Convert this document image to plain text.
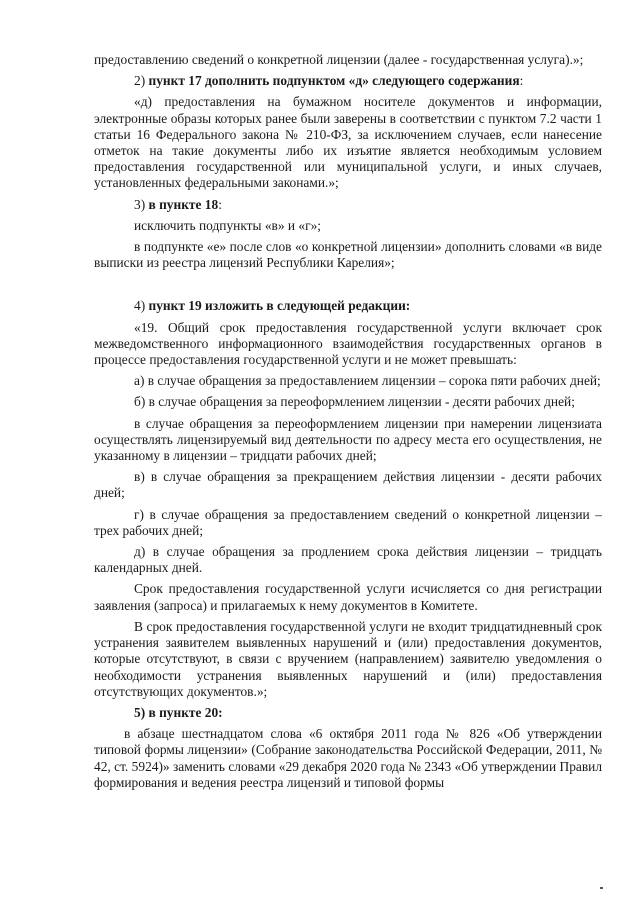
предоставлению сведений о конкретной лицензии (далее - государственная услуга).»;

2) пункт 17 дополнить подпунктом «д» следующего содержания:

«д) предоставления на бумажном носителе документов и информации, электронные образы которых ранее были заверены в соответствии с пунктом 7.2 части 1 статьи 16 Федерального закона № 210-ФЗ, за исключением случаев, если нанесение отметок на такие документы либо их изъятие является необходимым условием предоставления государственной или муниципальной услуги, и иных случаев, установленных федеральными законами.»;

3) в пункте 18:

исключить подпункты «в» и «г»;

в подпункте «е» после слов «о конкретной лицензии» дополнить словами «в виде выписки из реестра лицензий Республики Карелия»;

4) пункт 19 изложить в следующей редакции:

«19. Общий срок предоставления государственной услуги включает срок межведомственного информационного взаимодействия государственных органов в процессе предоставления государственной услуги и не может превышать:

а) в случае обращения за предоставлением лицензии – сорока пяти рабочих дней;

б) в случае обращения за переоформлением лицензии - десяти рабочих дней;

в случае обращения за переоформлением лицензии при намерении лицензиата осуществлять лицензируемый вид деятельности по адресу места его осуществления, не указанному в лицензии – тридцати рабочих дней;

в) в случае обращения за прекращением действия лицензии - десяти рабочих дней;

г) в случае обращения за предоставлением сведений о конкретной лицензии – трех рабочих дней;

д) в случае обращения за продлением срока действия лицензии – тридцать календарных дней.

Срок предоставления государственной услуги исчисляется со дня регистрации заявления (запроса) и прилагаемых к нему документов в Комитете.

В срок предоставления государственной услуги не входит тридцатидневный срок устранения заявителем выявленных нарушений и (или) предоставления документов, которые отсутствуют, в связи с вручением (направлением) заявителю уведомления о необходимости устранения выявленных нарушений и (или) предоставления отсутствующих документов.»;

5) в пункте 20:

в абзаце шестнадцатом слова «6 октября 2011 года № 826 «Об утверждении типовой формы лицензии» (Собрание законодательства Российской Федерации, 2011, № 42, ст. 5924)» заменить словами «29 декабря 2020 года № 2343 «Об утверждении Правил формирования и ведения реестра лицензий и типовой формы
